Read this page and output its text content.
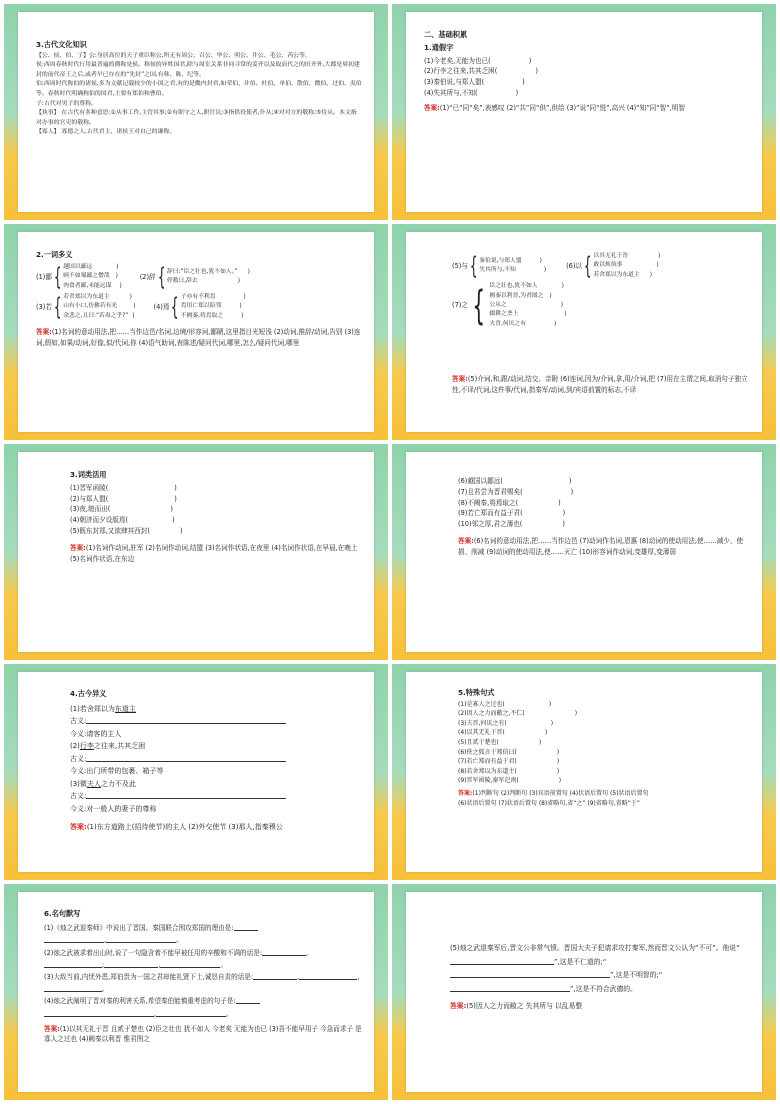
3.古代文化知识
【公、侯、伯、子】公:身居高位的天子重臣称公,所无有周公、召公、毕公、明公、井公、毛公、芮公等。
侯:西周春秋时代行用最普遍的爵称是侯。称侯的异姓国君,除与周室关系非同寻常的姜齐以及取而代之的田齐外,大都是周初建封的前代帝王之后,或者早已存在的“先封”之国,有韩、陈、纪等。
伯:西周时代称伯的诸侯,多为文献记载较少的小国之君,有的是畿内封君,如荣伯、井伯、杜伯、单伯、散伯、微伯、过伯、夷伯等。春秋时代明确称伯的国君,主要有郑伯和曹伯。
子:古代对男子的尊称。
【执事】 在古代有多种意思:①从事工作,主管其事;②有职守之人,职官员;③指供役使者,仆从;④对对方的敬称;⑤侍从。本文指对办事的官吏的敬称。
【寡人】 寡德之人,古代君主、诸侯王对自己的谦称。
二、基础积累
1.通假字
(1)今老矣,无能为也已(	)
(2)行李之往来,共其乏困(	)
(3)秦伯说,与郑人盟(	)
(4)失其所与,不知(	)
答案:(1)“已”同“矣”,表感叹 (2)“共”同“供”,供给 (3)“说”同“悦”,高兴 (4)“知”同“智”,明智
2.一词多义
(1)鄙 { 越国以鄙远	)
顾不如蜀鄙之僧哉 )
肉食者鄙,未能远谋 )
(2)辞 { 辞曰:“臣之壮也,犹不如人。” )
停数日,辞去	)
(3)若 { 若舍郑以为东道主	)
山有小口,仿佛若有光	)
余悲之,且曰:“若毒之乎?” )
(4)焉 { 子亦有不利焉	)
焉用亡郑以陪邻	)
不阙秦,将焉取之	)
答案:(1)名词的意动用法,把……当作边邑/名词,边境/形容词,鄙陋,这里指目光短浅 (2)动词,推辞/动词,告别 (3)连词,假如,如果/动词,好像,似/代词,你 (4)语气助词,表陈述/疑问代词,哪里,怎么/疑问代词,哪里
(5)与 { 秦伯说,与郑人盟	)
失其所与,不知	)
(6)以 { 以其无礼于晋	)
敢以烦执事	)
若舍郑以为东道主 )
(7)之 { 臣之壮也,犹不如人	)
阙秦以利晋,为君图之 )
公从之	)
辍耕之垄上	)
夫晋,何厌之有	)
答案:(5)介词,和,跟/动词,结交、亲附 (6)连词,因为/介词,拿,用/介词,把 (7)用在主谓之间,取消句子独立性,不译/代词,这件事/代词,指秦军/动词,到/宾语前置的标志,不译
3.词类活用
(1)晋军函陵(	)
(2)与郑人盟(	)
(3)夜,缒而出(	)
(4)朝济而夕设版焉(	)
(5)既东封郑,又欲肆其西封(	)
答案:(1)名词作动词,驻军 (2)名词作动词,结盟 (3)名词作状语,在夜里 (4)名词作状语,在早晨,在晚上 (5)名词作状语,在东边
(6)越国以鄙远(	)
(7)且君尝为晋君赐矣(	)
(8)不阙秦,将焉取之(	)
(9)若亡郑而有益于君(	)
(10)邻之厚,君之薄也(	)
答案:(6)名词的意动用法,把……当作边邑 (7)动词作名词,恩惠 (8)动词的使动用法,使……减少、使损、削减 (9)动词的使动用法,使……灭亡 (10)形容词作动词,变雄厚,变薄弱
4.古今异义
(1)若舍郑以为东道主
古义:
今义:请客的主人
(2)行李之往来,共其乏困
古义:
今义:出门所带的包裹、箱子等
(3)微夫人之力不及此
古义:
今义:对一般人的妻子的尊称
答案:(1)东方道路上(招待使节)的主人 (2)外交使节 (3)那人,指秦穆公
5.特殊句式
(1)是寡人之过也(	)
(2)因人之力而敝之,不仁(	)
(3)夫晋,何厌之有(	)
(4)以其无礼于晋(	)
(5)且贰于楚也(	)
(6)佚之狐言于郑伯曰(	)
(7)若亡郑而有益于君(	)
(8)若舍郑以为东道主(	)
(9)晋军函陵,秦军氾南(	)
答案:(1)判断句 (2)判断句 (3)宾语前置句 (4)状语后置句 (5)状语后置句
(6)状语后置句 (7)状语后置句 (8)省略句,省“之” (9)省略句,省略“于”
6.名句默写
(1)《烛之武退秦师》中说出了晋国、秦国联合围攻郑国的理由是:
,	。
(2)烛之武被求着出山时,说了一句隐含着不能早被任用的辛酸和不满的话是:	,;	,	。
(3)大敌当前,内忧外患,郑伯贵为一国之君却能礼贤下士,诚恳自责的话是:	,	,。
(4)烛之武阐明了晋对秦的利害关系,希望秦伯能慎重考虑的句子是:
,	。
答案:(1)以其无礼于晋 且贰于楚也 (2)臣之壮也 犹不如人 今老矣 无能为也已 (3)吾不能早用子 今急而求子 是寡人之过也 (4)阙秦以利晋 惟君图之
(5)烛之武退秦军后,晋文公非常气愤。晋国大夫子犯请求攻打秦军,然而晋文公认为“不可”。他说“”,这是不仁道的;“”,这是不明智的;“”,这是不符合武德的。
答案:(5)因人之力而敝之 失其所与 以乱易整
